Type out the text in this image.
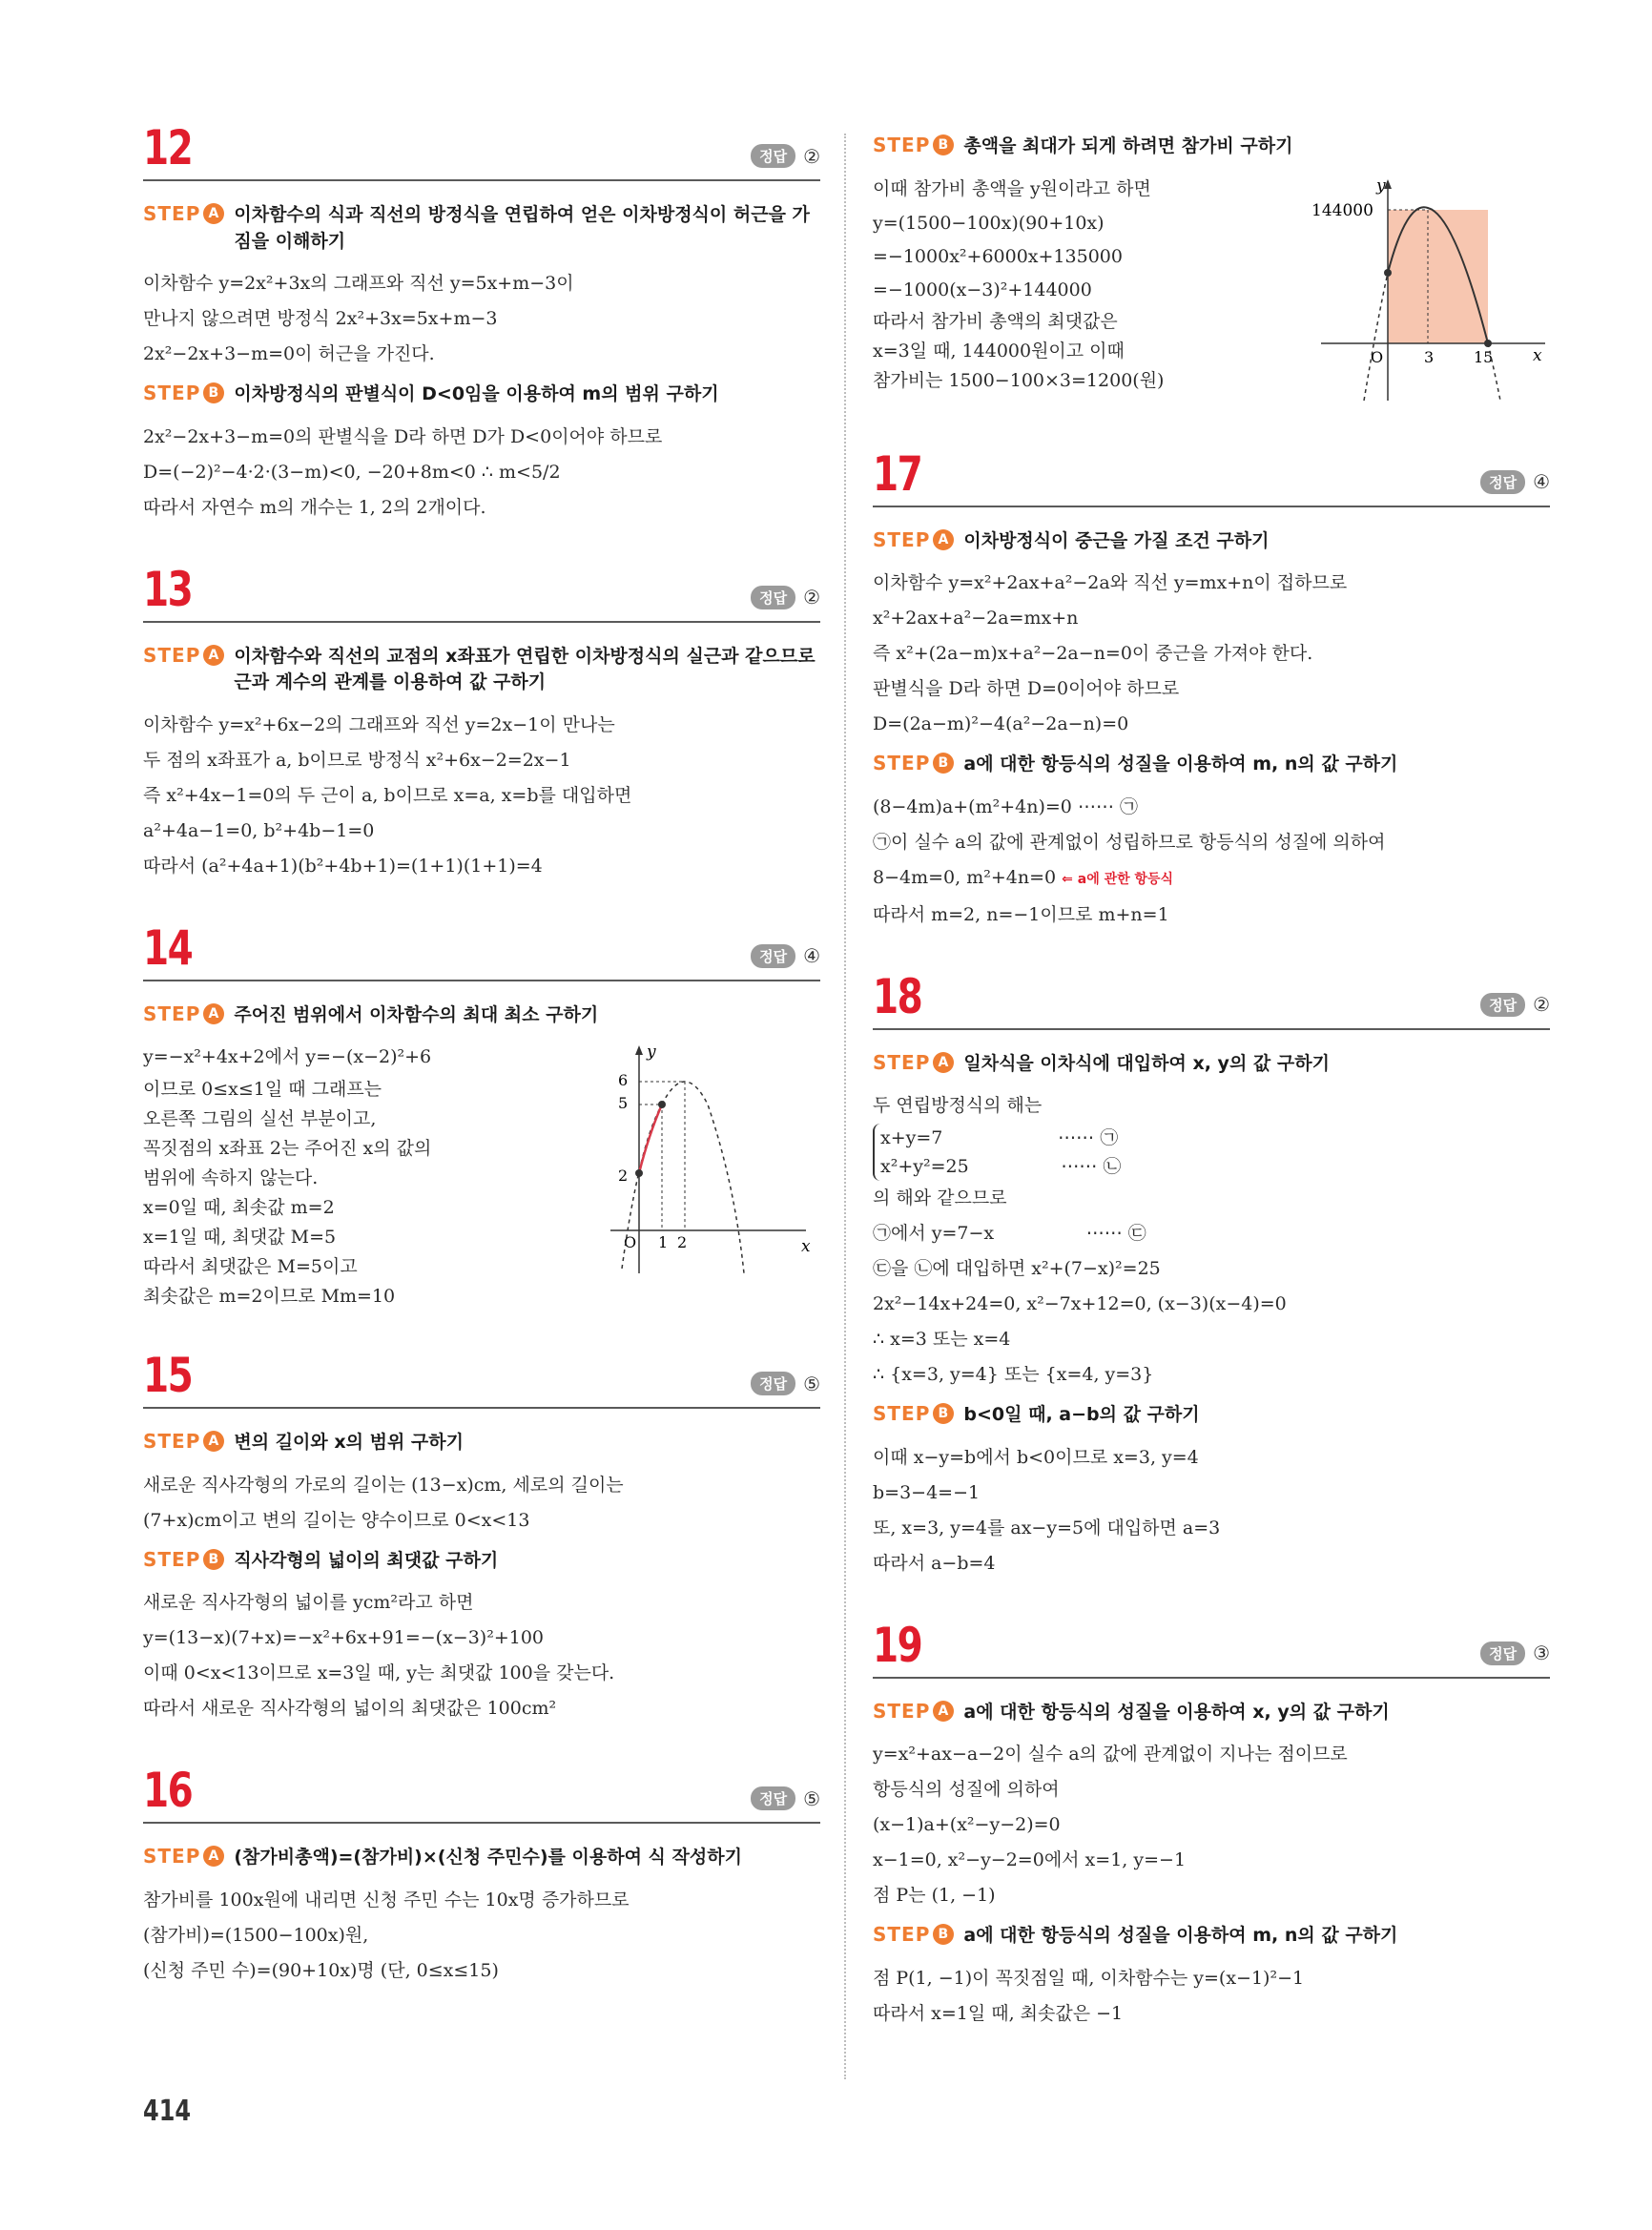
12	정답 ②
STEP A 이차함수의 식과 직선의 방정식을 연립하여 얻은 이차방정식이 허근을 가짐을 이해하기
이차함수 y=2x²+3x의 그래프와 직선 y=5x+m−3이
만나지 않으려면 방정식 2x²+3x=5x+m−3
2x²−2x+3−m=0이 허근을 가진다.
STEP B 이차방정식의 판별식이 D<0임을 이용하여 m의 범위 구하기
2x²−2x+3−m=0의 판별식을 D라 하면 D가 D<0이어야 하므로
D=(−2)²−4·2·(3−m)<0, −20+8m<0 ∴ m<5/2
따라서 자연수 m의 개수는 1, 2의 2개이다.
13	정답 ②
STEP A 이차함수와 직선의 교점의 x좌표가 연립한 이차방정식의 실근과 같으므로 근과 계수의 관계를 이용하여 값 구하기
이차함수 y=x²+6x−2의 그래프와 직선 y=2x−1이 만나는
두 점의 x좌표가 a, b이므로 방정식 x²+6x−2=2x−1
즉 x²+4x−1=0의 두 근이 a, b이므로 x=a, x=b를 대입하면
a²+4a−1=0, b²+4b−1=0
따라서 (a²+4a+1)(b²+4b+1)=(1+1)(1+1)=4
14	정답 ④
STEP A 주어진 범위에서 이차함수의 최대 최소 구하기
y=−x²+4x+2에서 y=−(x−2)²+6
이므로 0≤x≤1일 때 그래프는
오른쪽 그림의 실선 부분이고,
꼭짓점의 x좌표 2는 주어진 x의 값의
범위에 속하지 않는다.
x=0일 때, 최솟값 m=2
x=1일 때, 최댓값 M=5
따라서 최댓값은 M=5이고
최솟값은 m=2이므로 Mm=10
y
x
O
6
5
2
1 2
15	정답 ⑤
STEP A 변의 길이와 x의 범위 구하기
새로운 직사각형의 가로의 길이는 (13−x)cm, 세로의 길이는
(7+x)cm이고 변의 길이는 양수이므로 0<x<13
STEP B 직사각형의 넓이의 최댓값 구하기
새로운 직사각형의 넓이를 ycm²라고 하면
y=(13−x)(7+x)=−x²+6x+91=−(x−3)²+100
이때 0<x<13이므로 x=3일 때, y는 최댓값 100을 갖는다.
따라서 새로운 직사각형의 넓이의 최댓값은 100cm²
16	정답 ⑤
STEP A (참가비총액)=(참가비)×(신청 주민수)를 이용하여 식 작성하기
참가비를 100x원에 내리면 신청 주민 수는 10x명 증가하므로
(참가비)=(1500−100x)원,
(신청 주민 수)=(90+10x)명 (단, 0≤x≤15)
STEP B 총액을 최대가 되게 하려면 참가비 구하기
이때 참가비 총액을 y원이라고 하면
y=(1500−100x)(90+10x)
=−1000x²+6000x+135000
=−1000(x−3)²+144000
따라서 참가비 총액의 최댓값은
x=3일 때, 144000원이고 이때
참가비는 1500−100×3=1200(원)
y
x
O
144000
3	15
17	정답 ④
STEP A 이차방정식이 중근을 가질 조건 구하기
이차함수 y=x²+2ax+a²−2a와 직선 y=mx+n이 접하므로
x²+2ax+a²−2a=mx+n
즉 x²+(2a−m)x+a²−2a−n=0이 중근을 가져야 한다.
판별식을 D라 하면 D=0이어야 하므로
D=(2a−m)²−4(a²−2a−n)=0
STEP B a에 대한 항등식의 성질을 이용하여 m, n의 값 구하기
(8−4m)a+(m²+4n)=0 ⋯⋯ ㉠
㉠이 실수 a의 값에 관계없이 성립하므로 항등식의 성질에 의하여
8−4m=0, m²+4n=0 ⇐ a에 관한 항등식
따라서 m=2, n=−1이므로 m+n=1
18	정답 ②
STEP A 일차식을 이차식에 대입하여 x, y의 값 구하기
두 연립방정식의 해는
x+y=7                    ⋯⋯ ㉠
x²+y²=25                ⋯⋯ ㉡
의 해와 같으므로
㉠에서 y=7−x                ⋯⋯ ㉢
㉢을 ㉡에 대입하면 x²+(7−x)²=25
2x²−14x+24=0, x²−7x+12=0, (x−3)(x−4)=0
∴ x=3 또는 x=4
∴ {x=3, y=4} 또는 {x=4, y=3}
STEP B b<0일 때, a−b의 값 구하기
이때 x−y=b에서 b<0이므로 x=3, y=4
b=3−4=−1
또, x=3, y=4를 ax−y=5에 대입하면 a=3
따라서 a−b=4
19	정답 ③
STEP A a에 대한 항등식의 성질을 이용하여 x, y의 값 구하기
y=x²+ax−a−2이 실수 a의 값에 관계없이 지나는 점이므로
항등식의 성질에 의하여
(x−1)a+(x²−y−2)=0
x−1=0, x²−y−2=0에서 x=1, y=−1
점 P는 (1, −1)
STEP B a에 대한 항등식의 성질을 이용하여 m, n의 값 구하기
점 P(1, −1)이 꼭짓점일 때, 이차함수는 y=(x−1)²−1
따라서 x=1일 때, 최솟값은 −1
414
